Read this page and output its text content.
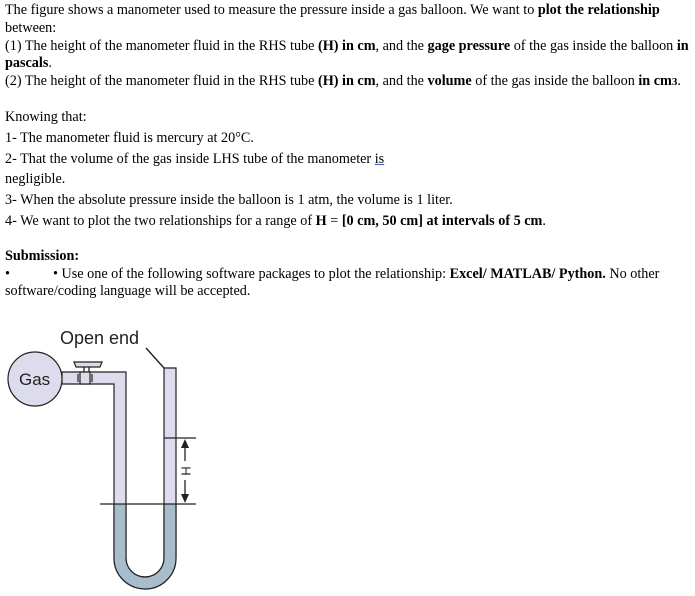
The figure shows a manometer used to measure the pressure inside a gas balloon. We want to plot the relationship between:

(1) The height of the manometer fluid in the RHS tube (H) in cm, and the gage pressure of the gas inside the balloon in pascals.

(2) The height of the manometer fluid in the RHS tube (H) in cm, and the volume of the gas inside the balloon in cm3.

Knowing that:

1- The manometer fluid is mercury at 20°C.

2- That the volume of the gas inside LHS tube of the manometer is

negligible.

3- When the absolute pressure inside the balloon is 1 atm, the volume is 1 liter.

4- We want to plot the two relationships for a range of H = [0 cm, 50 cm] at intervals of 5 cm.

Submission:

•	• Use one of the following software packages to plot the relationship: Excel/ MATLAB/ Python. No other software/coding language will be accepted.

Open end
Gas
H
